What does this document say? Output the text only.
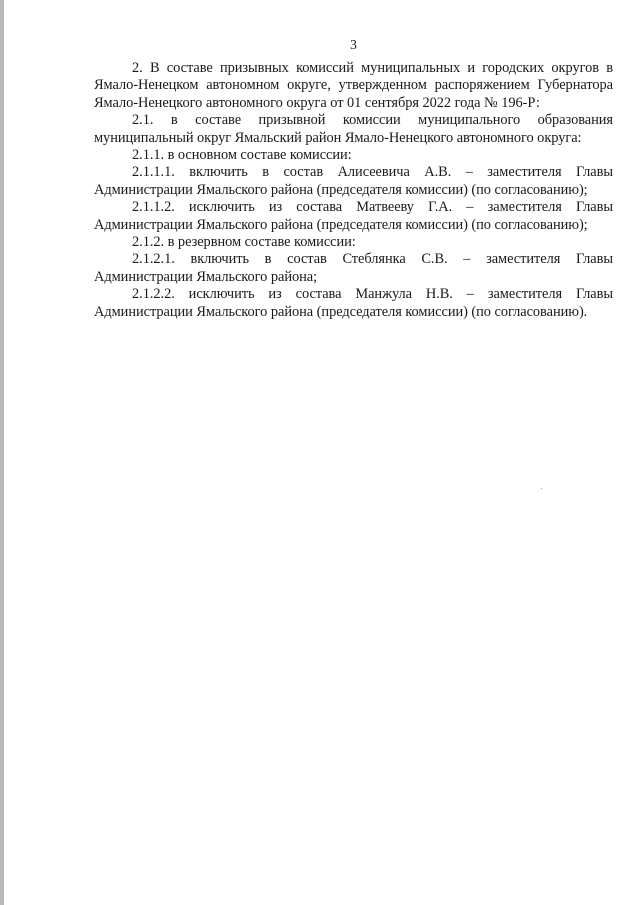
3

2. В составе призывных комиссий муниципальных и городских округов в Ямало-Ненецком автономном округе, утвержденном распоряжением Губернатора Ямало-Ненецкого автономного округа от 01 сентября 2022 года № 196-Р:

2.1. в составе призывной комиссии муниципального образования муниципальный округ Ямальский район Ямало-Ненецкого автономного округа:

2.1.1. в основном составе комиссии:

2.1.1.1. включить в состав Алисеевича А.В. – заместителя Главы Администрации Ямальского района (председателя комиссии) (по согласованию);

2.1.1.2. исключить из состава Матвееву Г.А. – заместителя Главы Администрации Ямальского района (председателя комиссии) (по согласованию);

2.1.2. в резервном составе комиссии:

2.1.2.1. включить в состав Стеблянка С.В. – заместителя Главы Администрации Ямальского района;

2.1.2.2. исключить из состава Манжула Н.В. – заместителя Главы Администрации Ямальского района (председателя комиссии) (по согласованию).
